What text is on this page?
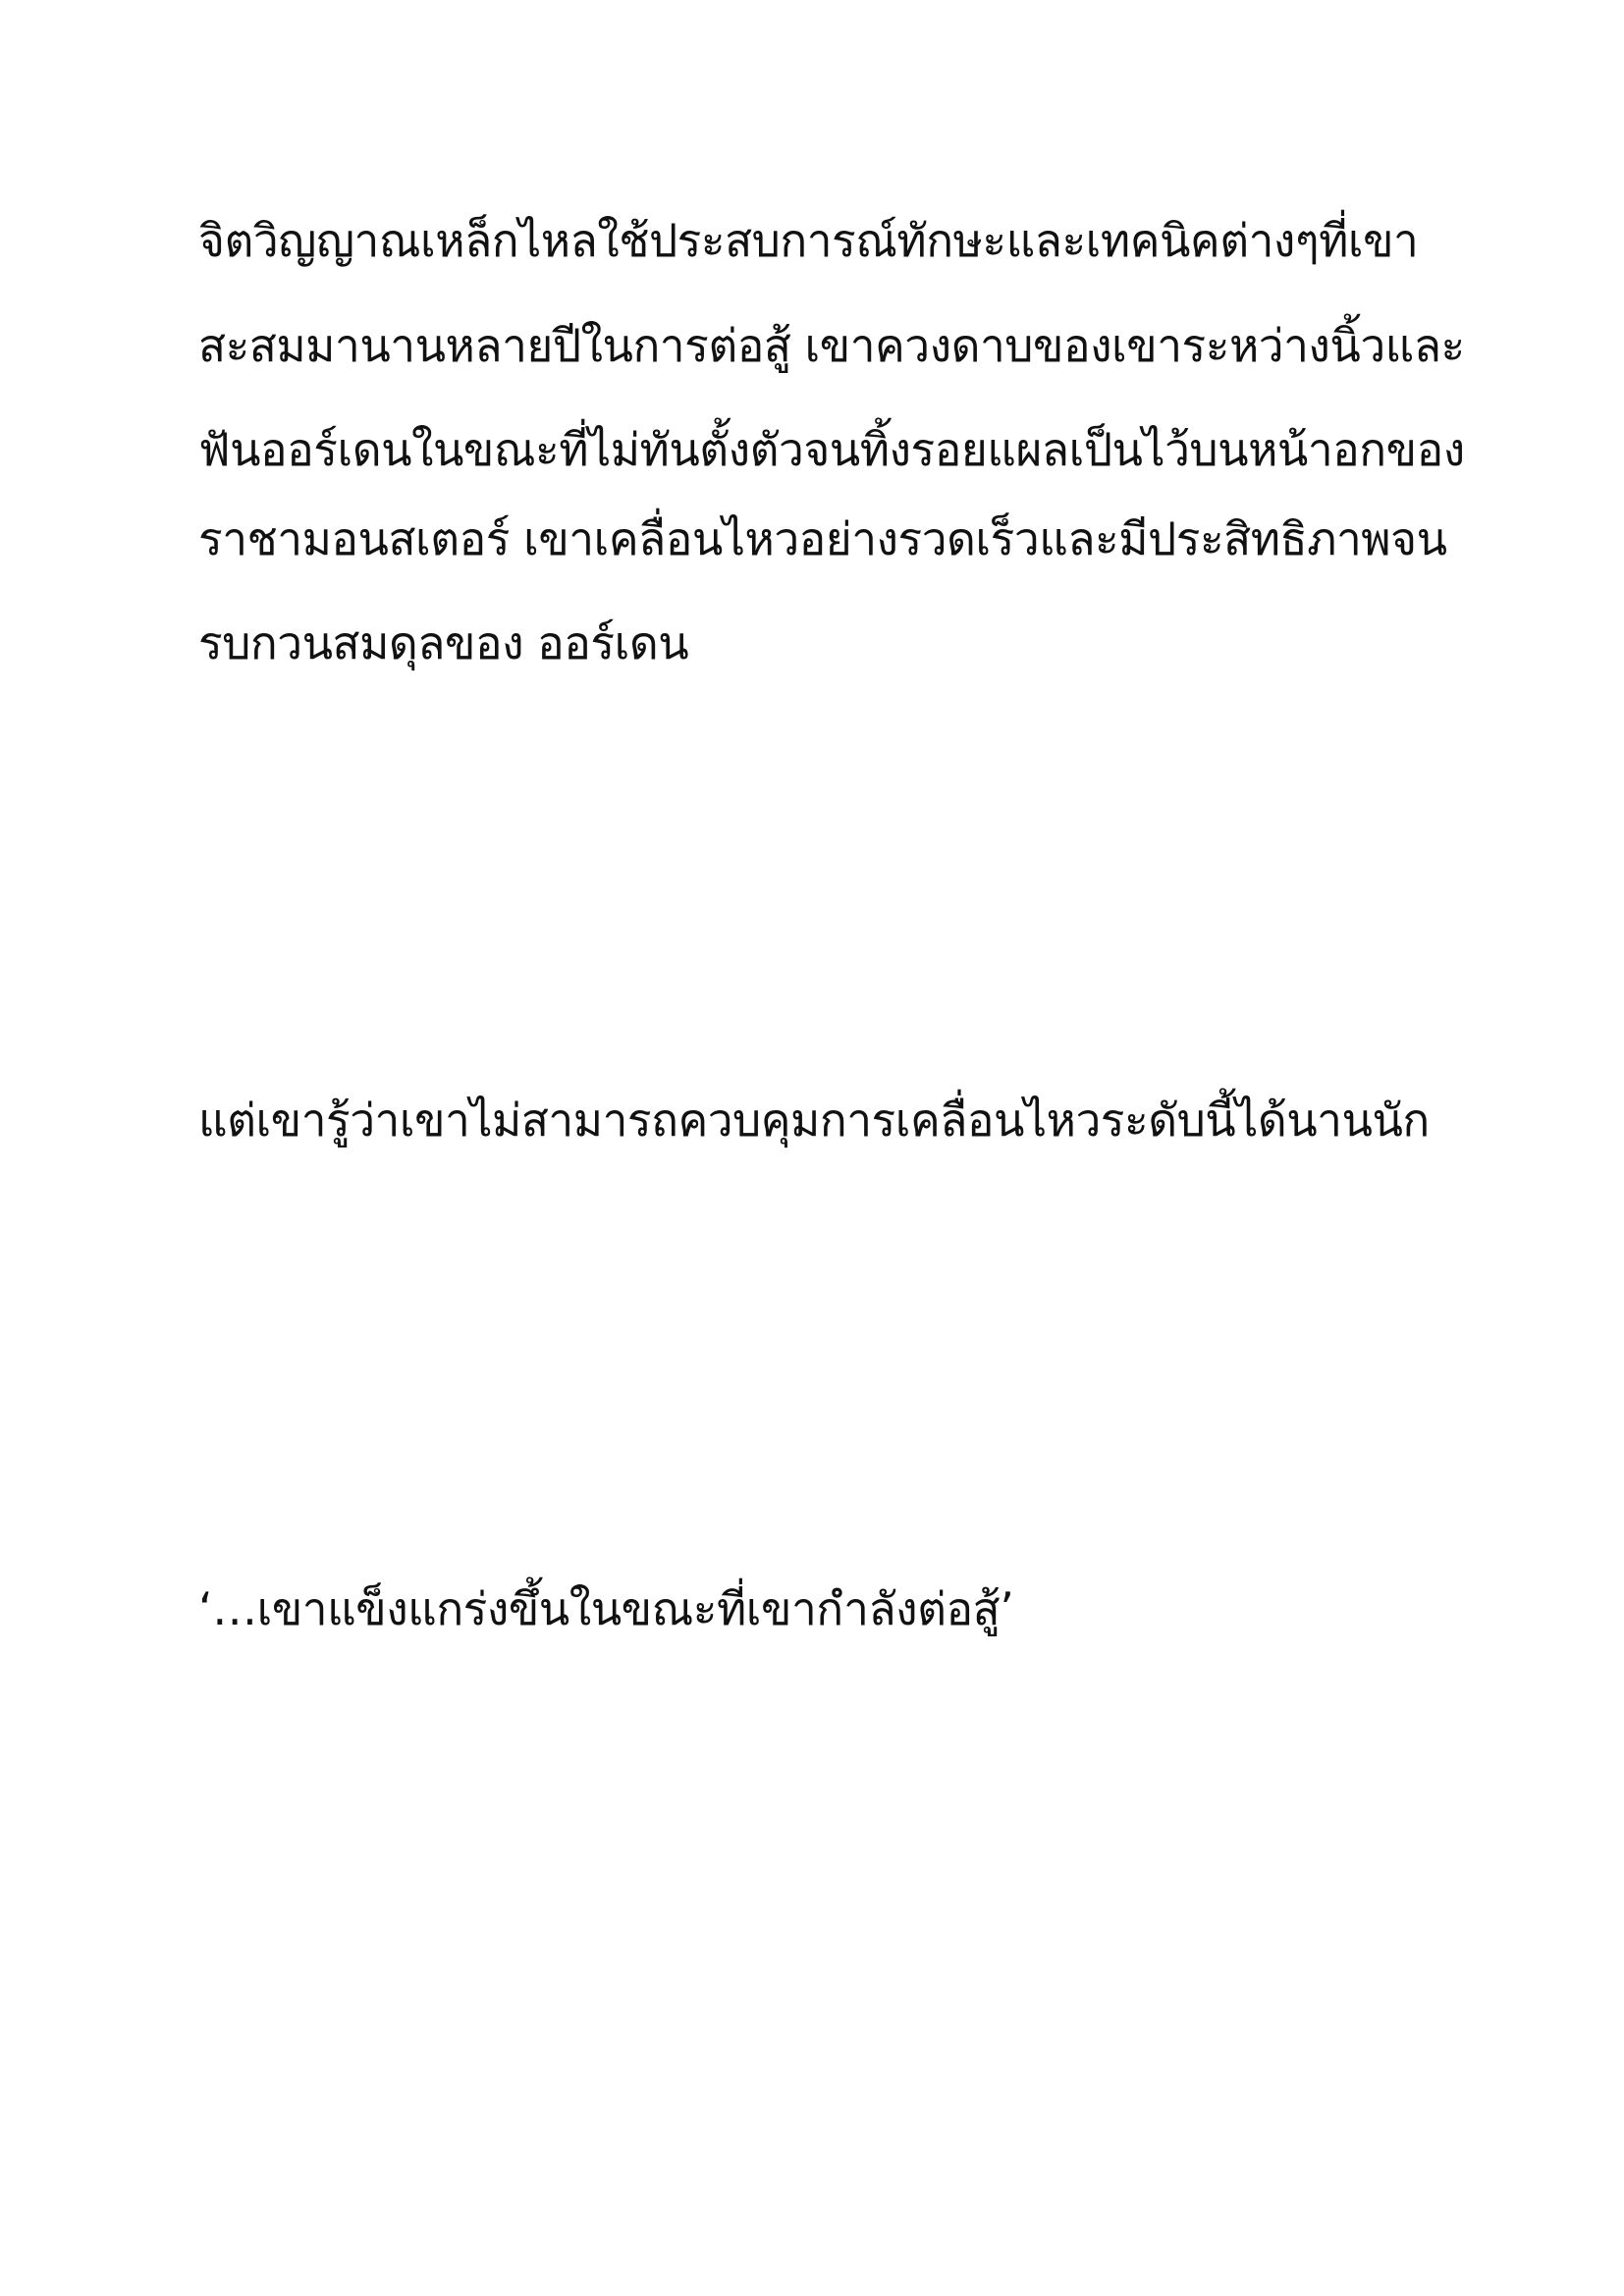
จิตวิญญาณเหล็กไหลใช้ประสบการณ์ทักษะและเทคนิคต่างๆที่เขา
สะสมมานานหลายปีในการต่อสู้ เขาควงดาบของเขาระหว่างนิ้วและ
ฟันออร์เดนในขณะที่ไม่ทันตั้งตัวจนทิ้งรอยแผลเป็นไว้บนหน้าอกของ
ราชามอนสเตอร์ เขาเคลื่อนไหวอย่างรวดเร็วและมีประสิทธิภาพจน
รบกวนสมดุลของ ออร์เดน
แต่เขารู้ว่าเขาไม่สามารถควบคุมการเคลื่อนไหวระดับนี้ได้นานนัก
‘…เขาแข็งแกร่งขึ้นในขณะที่เขากำลังต่อสู้’
